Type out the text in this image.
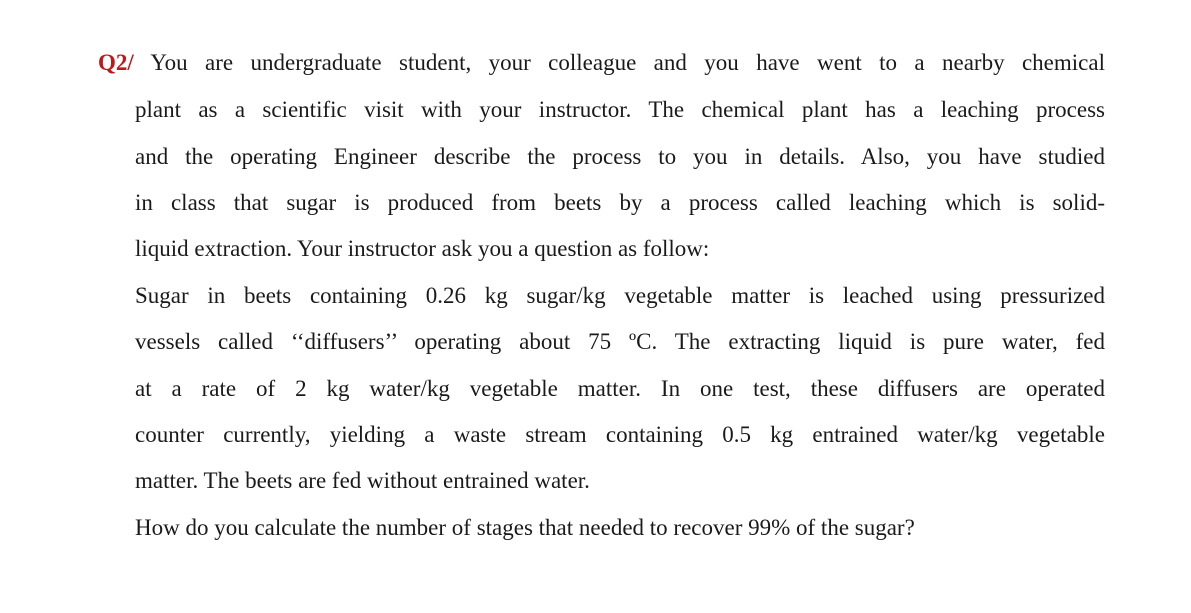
Q2/ You are undergraduate student, your colleague and you have went to a nearby chemical
plant as a scientific visit with your instructor. The chemical plant has a leaching process
and the operating Engineer describe the process to you in details. Also, you have studied
in class that sugar is produced from beets by a process called leaching which is solid-
liquid extraction. Your instructor ask you a question as follow:
Sugar in beets containing 0.26 kg sugar/kg vegetable matter is leached using pressurized
vessels called ‘‘diffusers’’ operating about 75 ºC. The extracting liquid is pure water, fed
at a rate of 2 kg water/kg vegetable matter. In one test, these diffusers are operated
counter currently, yielding a waste stream containing 0.5 kg entrained water/kg vegetable
matter. The beets are fed without entrained water.
How do you calculate the number of stages that needed to recover 99% of the sugar?
